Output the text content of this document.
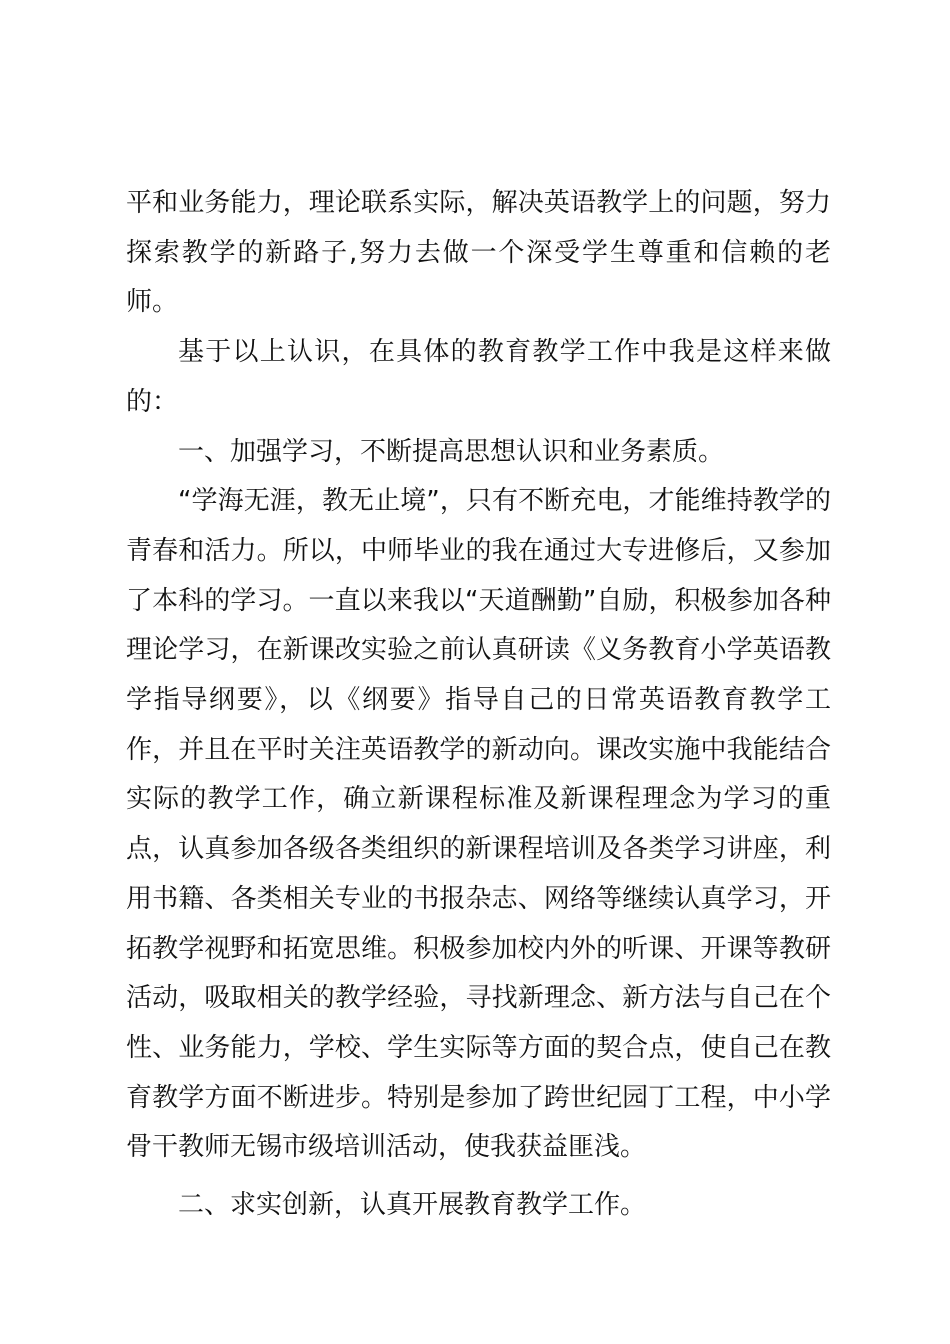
平和业务能力，理论联系实际，解决英语教学上的问题，努力探索教学的新路子,努力去做一个深受学生尊重和信赖的老师。

基于以上认识，在具体的教育教学工作中我是这样来做的：

一、加强学习，不断提高思想认识和业务素质。

“学海无涯，教无止境”，只有不断充电，才能维持教学的青春和活力。所以，中师毕业的我在通过大专进修后，又参加了本科的学习。一直以来我以“天道酬勤”自励，积极参加各种理论学习，在新课改实验之前认真研读《义务教育小学英语教学指导纲要》，以《纲要》指导自己的日常英语教育教学工作，并且在平时关注英语教学的新动向。课改实施中我能结合实际的教学工作，确立新课程标准及新课程理念为学习的重点，认真参加各级各类组织的新课程培训及各类学习讲座，利用书籍、各类相关专业的书报杂志、网络等继续认真学习，开拓教学视野和拓宽思维。积极参加校内外的听课、开课等教研活动，吸取相关的教学经验，寻找新理念、新方法与自己在个性、业务能力，学校、学生实际等方面的契合点，使自己在教育教学方面不断进步。特别是参加了跨世纪园丁工程，中小学骨干教师无锡市级培训活动，使我获益匪浅。

二、求实创新，认真开展教育教学工作。
